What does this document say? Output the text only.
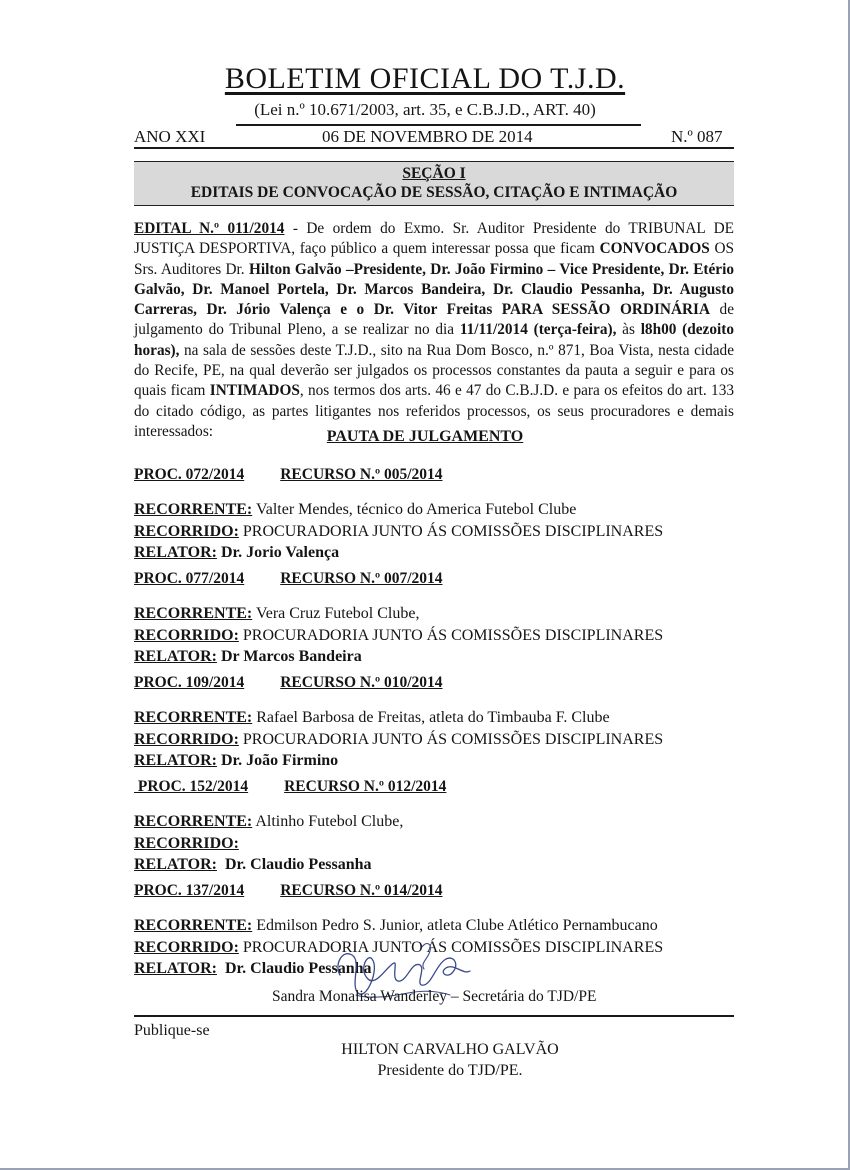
BOLETIM OFICIAL DO T.J.D.
(Lei n.º 10.671/2003, art. 35, e C.B.J.D., ART. 40)
ANO XXI	06 DE NOVEMBRO DE 2014	N.º 087
SEÇÃO I
EDITAIS DE CONVOCAÇÃO DE SESSÃO, CITAÇÃO E INTIMAÇÃO
EDITAL N.º 011/2014 - De ordem do Exmo. Sr. Auditor Presidente do TRIBUNAL DE JUSTIÇA DESPORTIVA, faço público a quem interessar possa que ficam CONVOCADOS OS Srs. Auditores Dr. Hilton Galvão –Presidente, Dr. João Firmino – Vice Presidente, Dr. Etério Galvão, Dr. Manoel Portela, Dr. Marcos Bandeira, Dr. Claudio Pessanha, Dr. Augusto Carreras, Dr. Jório Valença e o Dr. Vitor Freitas PARA SESSÃO ORDINÁRIA de julgamento do Tribunal Pleno, a se realizar no dia 11/11/2014 (terça-feira), às l8h00 (dezoito horas), na sala de sessões deste T.J.D., sito na Rua Dom Bosco, n.º 871, Boa Vista, nesta cidade do Recife, PE, na qual deverão ser julgados os processos constantes da pauta a seguir e para os quais ficam INTIMADOS, nos termos dos arts. 46 e 47 do C.B.J.D. e para os efeitos do art. 133 do citado código, as partes litigantes nos referidos processos, os seus procuradores e demais interessados:	PAUTA DE JULGAMENTO
PROC. 072/2014 RECURSO N.º 005/2014
RECORRENTE: Valter Mendes, técnico do America Futebol Clube
RECORRIDO: PROCURADORIA JUNTO ÁS COMISSÕES DISCIPLINARES
RELATOR: Dr. Jorio Valença
PROC. 077/2014 RECURSO N.º 007/2014
RECORRENTE: Vera Cruz Futebol Clube,
RECORRIDO: PROCURADORIA JUNTO ÁS COMISSÕES DISCIPLINARES
RELATOR: Dr Marcos Bandeira
PROC. 109/2014 RECURSO N.º 010/2014
RECORRENTE: Rafael Barbosa de Freitas, atleta do Timbauba F. Clube
RECORRIDO: PROCURADORIA JUNTO ÁS COMISSÕES DISCIPLINARES
RELATOR: Dr. João Firmino
PROC. 152/2014 RECURSO N.º 012/2014
RECORRENTE: Altinho Futebol Clube,
RECORRIDO:
RELATOR:  Dr. Claudio Pessanha
PROC. 137/2014 RECURSO N.º 014/2014
RECORRENTE: Edmilson Pedro S. Junior, atleta Clube Atlético Pernambucano
RECORRIDO: PROCURADORIA JUNTO ÁS COMISSÕES DISCIPLINARES
RELATOR:  Dr. Claudio Pessanha
Sandra Monalisa Wanderley – Secretária do TJD/PE
Publique-se
HILTON CARVALHO GALVÃO
Presidente do TJD/PE.
